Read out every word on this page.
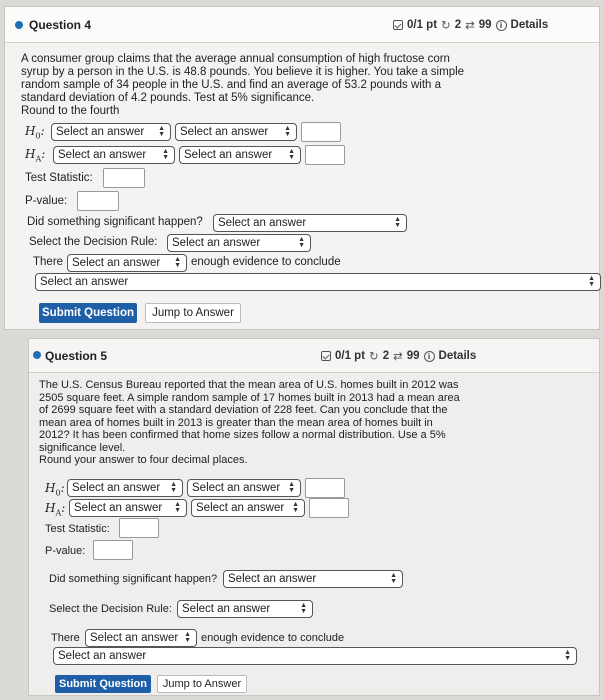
Question 4	0/1 pt ↻ 2 ⇄ 99	i Details
A consumer group claims that the average annual consumption of high fructose corn
syrup by a person in the U.S. is 48.8 pounds. You believe it is higher. You take a simple
random sample of 34 people in the U.S. and find an average of 53.2 pounds with a
standard deviation of 4.2 pounds. Test at 5% significance.
Round to the fourth
$H_0$: Select an answer ▲
▼	Select an answer ▲
▼
$H_A$:	Select an answer ▲
▼	Select an answer ▲
▼
Test Statistic:
P-value:
Did something significant happen?	Select an answer	▲
▼
Select the Decision Rule:	Select an answer	▲
▼
There Select an answer ▲
▼ enough evidence to conclude
Select an answer	▲
▼
Submit Question	Jump to Answer
Question 5	0/1 pt ↻ 2 ⇄ 99	i Details
The U.S. Census Bureau reported that the mean area of U.S. homes built in 2012 was
2505 square feet. A simple random sample of 17 homes built in 2013 had a mean area
of 2699 square feet with a standard deviation of 228 feet. Can you conclude that the
mean area of homes built in 2013 is greater than the mean area of homes built in
2012? It has been confirmed that home sizes follow a normal distribution. Use a 5%
significance level.
Round your answer to four decimal places.
$H_0$: Select an answer ▲
▼	Select an answer ▲
▼
$H_A$: Select an answer ▲
▼	Select an answer ▲
▼
Test Statistic:
P-value:
Did something significant happen? Select an answer	▲
▼
Select the Decision Rule: Select an answer	▲
▼
There Select an answer ▲
▼ enough evidence to conclude
Select an answer	▲
▼
Submit Question	Jump to Answer
